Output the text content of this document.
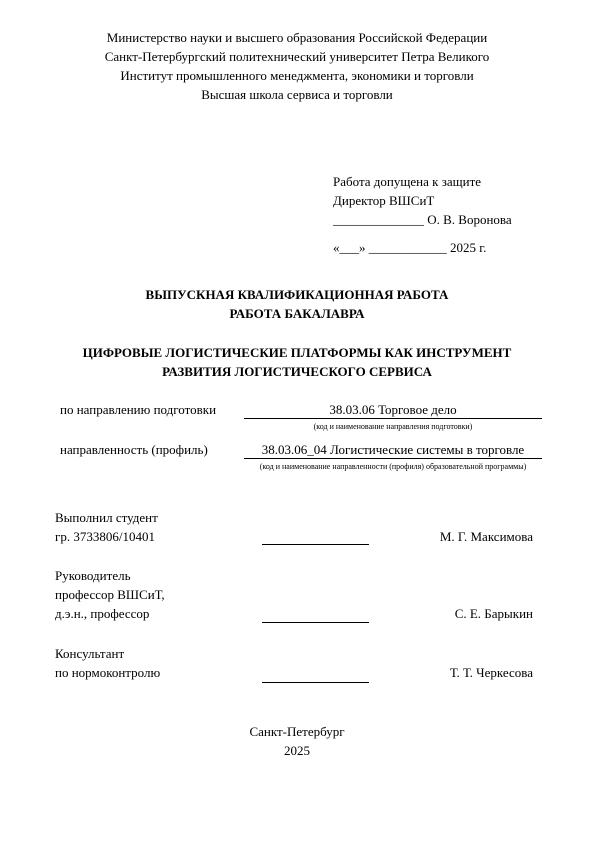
Министерство науки и высшего образования Российской Федерации
Санкт-Петербургский политехнический университет Петра Великого
Институт промышленного менеджмента, экономики и торговли
Высшая школа сервиса и торговли
Работа допущена к защите
Директор ВШСиТ
______________ О. В. Воронова
«___» ____________ 2025 г.
ВЫПУСКНАЯ КВАЛИФИКАЦИОННАЯ РАБОТА
РАБОТА БАКАЛАВРА
ЦИФРОВЫЕ ЛОГИСТИЧЕСКИЕ ПЛАТФОРМЫ КАК ИНСТРУМЕНТ
РАЗВИТИЯ ЛОГИСТИЧЕСКОГО СЕРВИСА
по направлению подготовки	38.03.06 Торговое дело
(код и наименование направления подготовки)
направленность (профиль)	38.03.06_04 Логистические системы в торговле
(код и наименование направленности (профиля) образовательной программы)
Выполнил студент
гр. 3733806/10401	М. Г. Максимова
Руководитель
профессор ВШСиТ,
д.э.н., профессор	С. Е. Барыкин
Консультант
по нормоконтролю	Т. Т. Черкесова
Санкт-Петербург
2025
